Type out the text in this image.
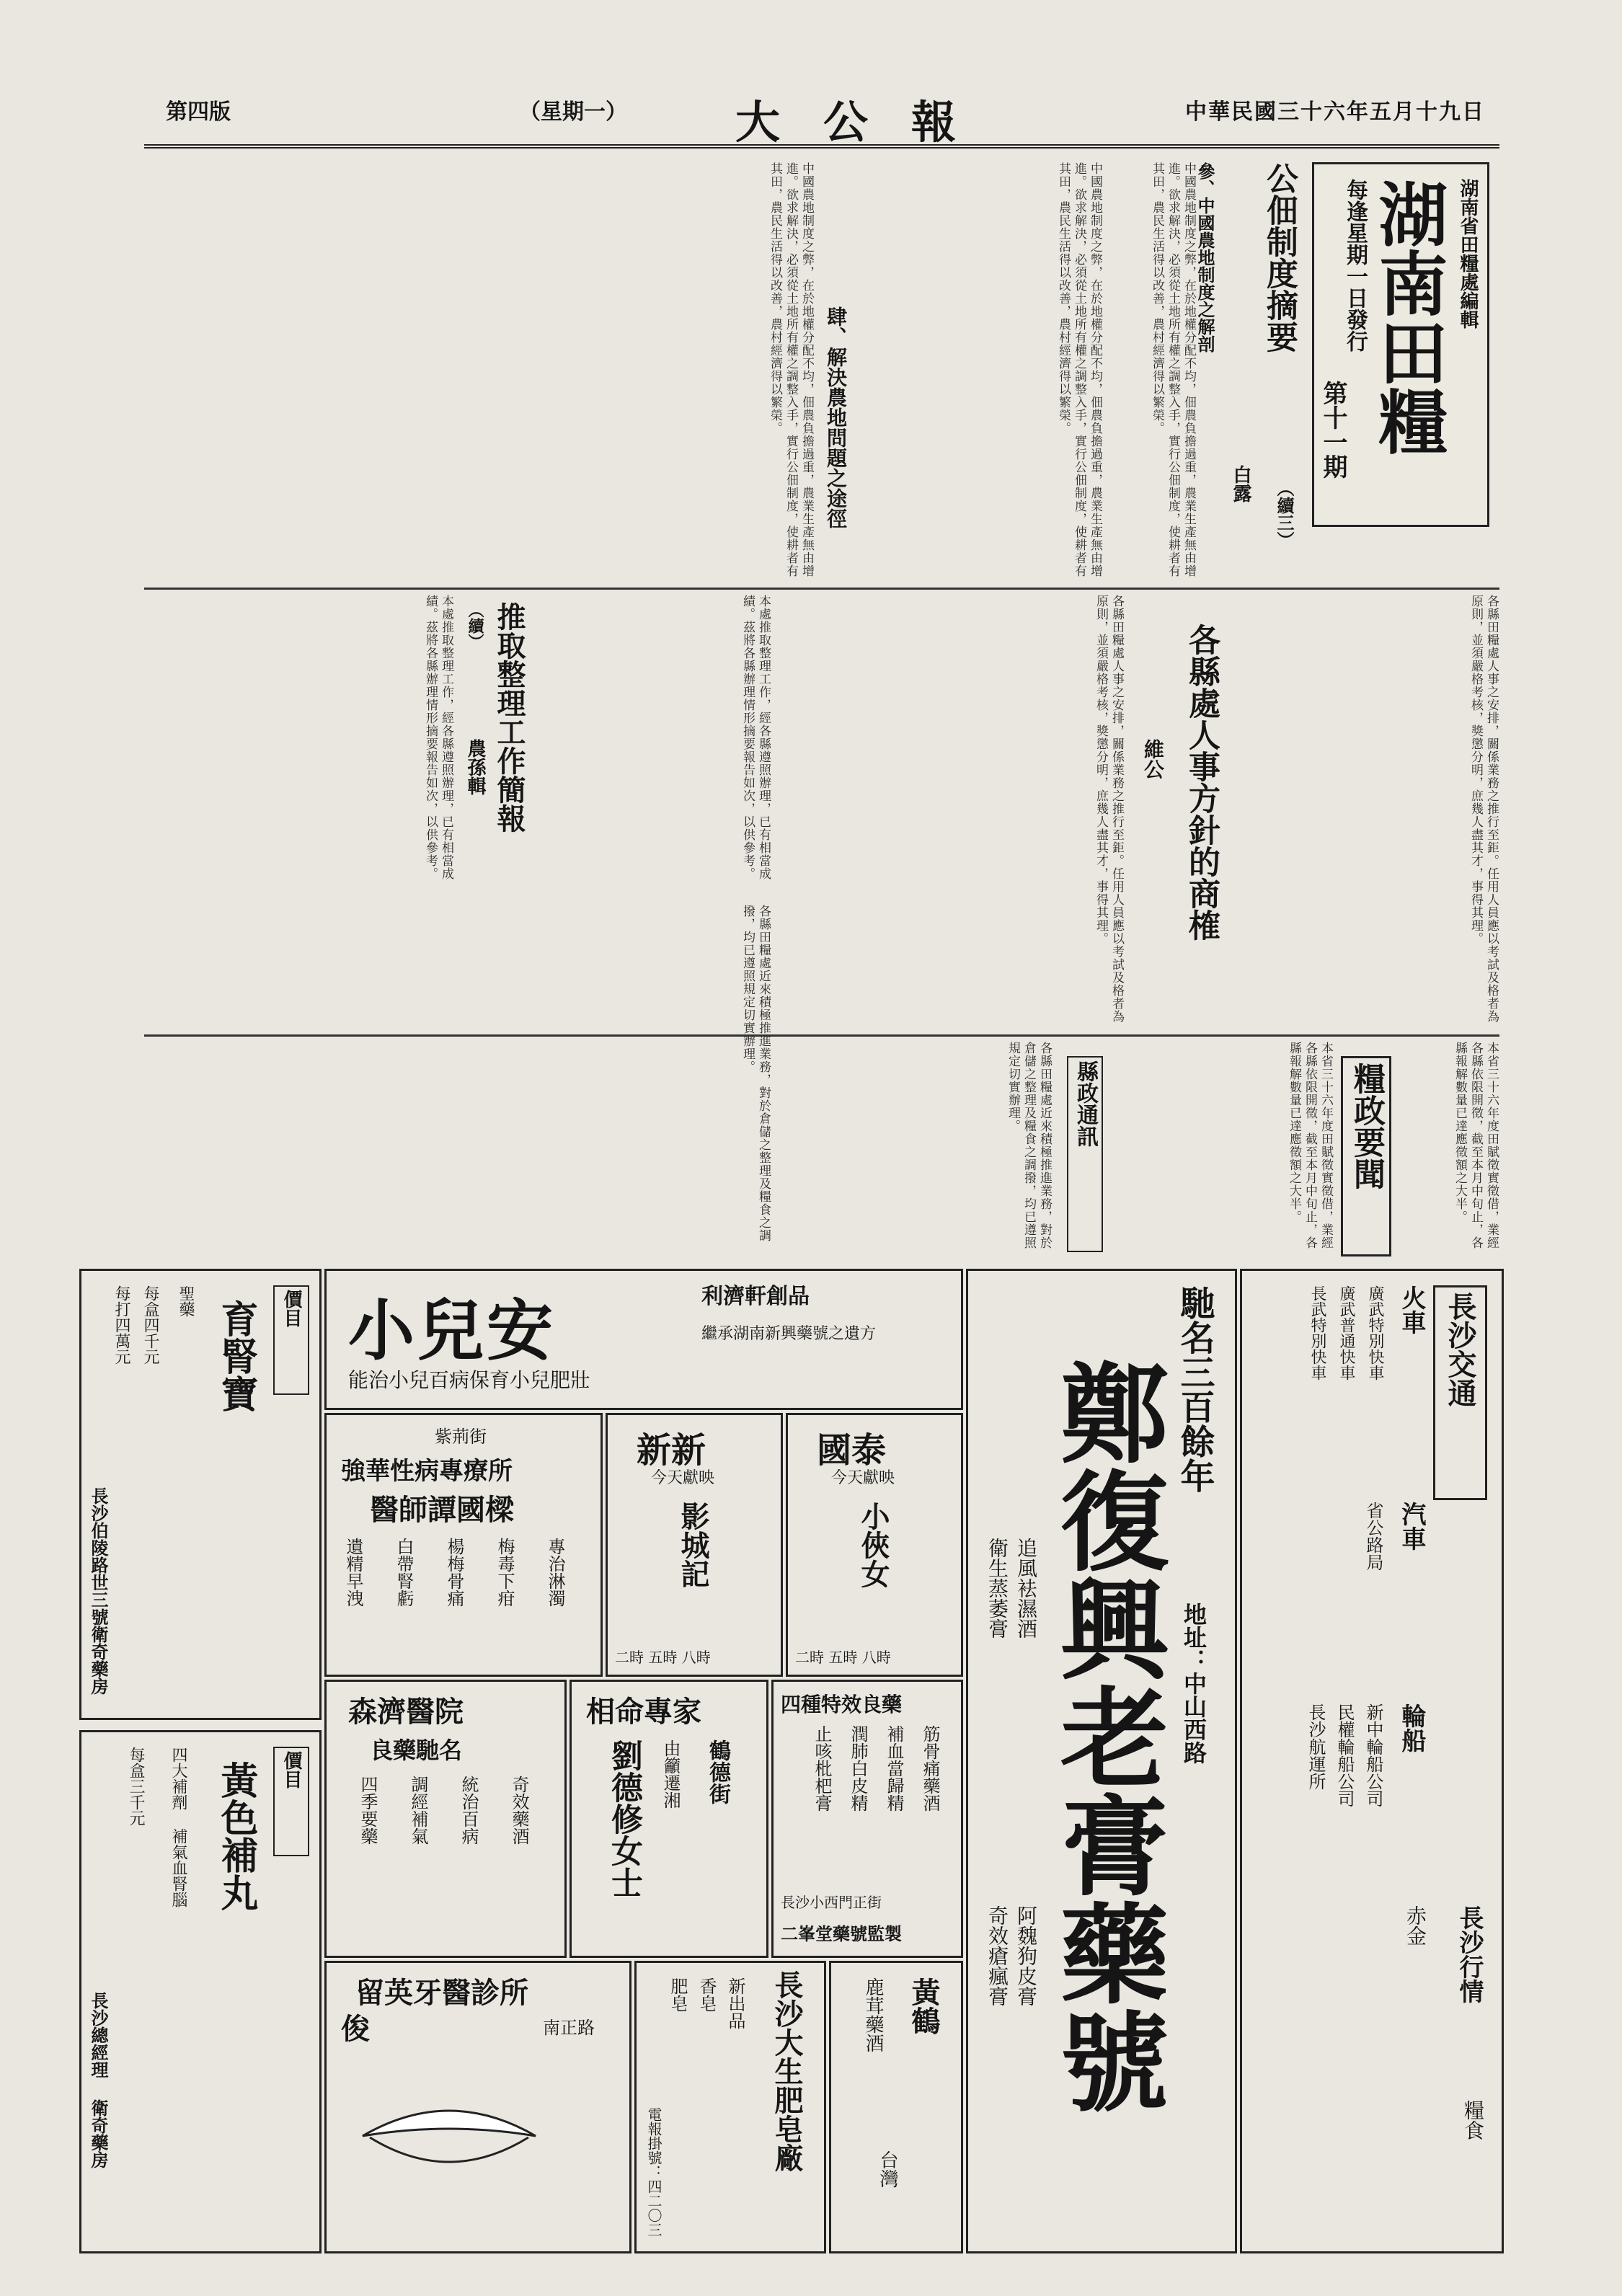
第四版	（星期一） 大公報	中華民國三十六年五月十九日
湖南田糧 湖南省田糧處編輯
每逢星期一日發行
第十一期
公佃制度摘要
（續三）
白露
參、中國農地制度之解剖
中國農地制度之弊，在於地權分配不均，佃農負擔過重，農業生產無由增進。欲求解決，必須從土地所有權之調整入手，實行公佃制度，使耕者有其田，農民生活得以改善，農村經濟得以繁榮。
肆、解決農地問題之途徑
中國農地制度之弊，在於地權分配不均，佃農負擔過重，農業生產無由增進。欲求解決，必須從土地所有權之調整入手，實行公佃制度，使耕者有其田，農民生活得以改善，農村經濟得以繁榮。	中國農地制度之弊，在於地權分配不均，佃農負擔過重，農業生產無由增進。欲求解決，必須從土地所有權之調整入手，實行公佃制度，使耕者有其田，農民生活得以改善，農村經濟得以繁榮。
推取整理工作簡報
（續）
農孫輯
本處推取整理工作，經各縣遵照辦理，已有相當成績。茲將各縣辦理情形摘要報告如次，以供參考。	本處推取整理工作，經各縣遵照辦理，已有相當成績。茲將各縣辦理情形摘要報告如次，以供參考。	各縣處人事方針的商榷
維公
各縣田糧處人事之安排，關係業務之推行至鉅。任用人員應以考試及格者為原則，並須嚴格考核，獎懲分明，庶幾人盡其才，事得其理。	各縣田糧處人事之安排，關係業務之推行至鉅。任用人員應以考試及格者為原則，並須嚴格考核，獎懲分明，庶幾人盡其才，事得其理。
糧政要聞
本省三十六年度田賦徵實徵借，業經各縣依限開徵，截至本月中旬止，各縣報解數量已達應徵額之大半。	本省三十六年度田賦徵實徵借，業經各縣依限開徵，截至本月中旬止，各縣報解數量已達應徵額之大半。
各縣田糧處近來積極推進業務，對於倉儲之整理及糧食之調撥，均已遵照規定切實辦理。
縣政通訊
各縣田糧處近來積極推進業務，對於倉儲之整理及糧食之調撥，均已遵照規定切實辦理。
價目
育腎寶
聖藥
每盒四千元
每打四萬元
長沙伯陵路世三號衛奇藥房
價目
黃色補丸
四大補劑 補氣血腎腦
每盒三千元
長沙總經理 衛奇藥房
小兒安	利濟軒創品
能治小兒百病保育小兒肥壯
繼承湖南新興藥號之遺方
紫荊街
強華性病專療所
醫師譚國樑
遺精早洩 白帶腎虧 楊梅骨痛 梅毒下疳 專治淋濁
新新
今天獻映
影城記
二時 五時 八時
國泰
今天獻映
小俠女
二時 五時 八時
森濟醫院
良藥馳名
奇效藥酒
統治百病
調經補氣
四季要藥
相命專家
劉德修女士 由籲遷湘 鶴德街
四種特效良藥
筋骨痛藥酒
補血當歸精
潤肺白皮精
止咳枇杷膏
長沙小西門正街
二峯堂藥號監製
留英牙醫診所
俊	南正路	長沙大生肥皂廠
新出品
香皂
肥皂
電報掛號：四二〇三
黃鶴
鹿茸藥酒
台灣
馳名三百餘年
鄭復興老膏藥號 地址：中山西路
追風袪濕酒
衛生蒸萎膏
阿魏狗皮膏
奇效瘡瘋膏
長沙交通
火車
廣武特別快車
廣武普通快車
長武特別快車
汽車
省公路局
輪船
新中輪船公司
民權輪船公司
長沙航運所
長沙行情
赤金
糧食
